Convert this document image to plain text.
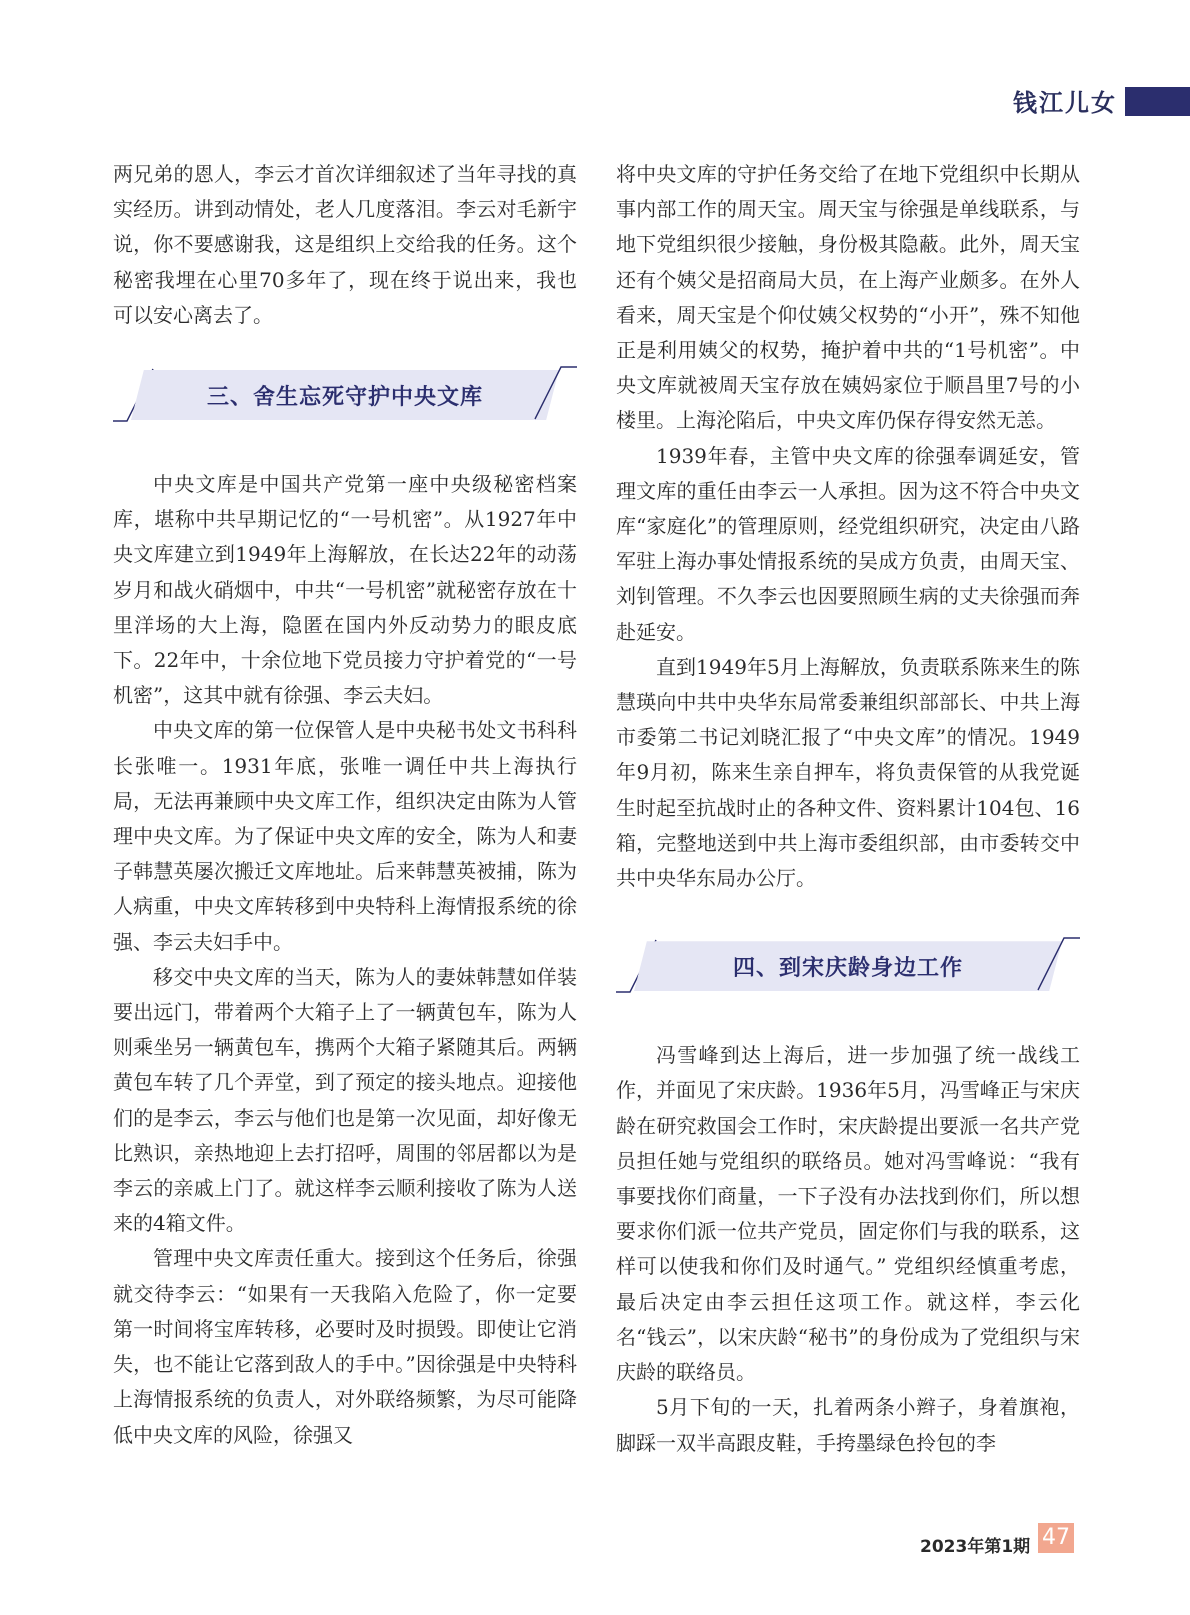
钱江儿女

两兄弟的恩人，李云才首次详细叙述了当年寻找的真实经历。讲到动情处，老人几度落泪。李云对毛新宇说，你不要感谢我，这是组织上交给我的任务。这个秘密我埋在心里70多年了，现在终于说出来，我也可以安心离去了。

三、舍生忘死守护中央文库

中央文库是中国共产党第一座中央级秘密档案库，堪称中共早期记忆的“一号机密”。从1927年中央文库建立到1949年上海解放，在长达22年的动荡岁月和战火硝烟中，中共“一号机密”就秘密存放在十里洋场的大上海，隐匿在国内外反动势力的眼皮底下。22年中，十余位地下党员接力守护着党的“一号机密”，这其中就有徐强、李云夫妇。

中央文库的第一位保管人是中央秘书处文书科科长张唯一。1931年底，张唯一调任中共上海执行局，无法再兼顾中央文库工作，组织决定由陈为人管理中央文库。为了保证中央文库的安全，陈为人和妻子韩慧英屡次搬迁文库地址。后来韩慧英被捕，陈为人病重，中央文库转移到中央特科上海情报系统的徐强、李云夫妇手中。

移交中央文库的当天，陈为人的妻妹韩慧如佯装要出远门，带着两个大箱子上了一辆黄包车，陈为人则乘坐另一辆黄包车，携两个大箱子紧随其后。两辆黄包车转了几个弄堂，到了预定的接头地点。迎接他们的是李云，李云与他们也是第一次见面，却好像无比熟识，亲热地迎上去打招呼，周围的邻居都以为是李云的亲戚上门了。就这样李云顺利接收了陈为人送来的4箱文件。

管理中央文库责任重大。接到这个任务后，徐强就交待李云：“如果有一天我陷入危险了，你一定要第一时间将宝库转移，必要时及时损毁。即使让它消失，也不能让它落到敌人的手中。”因徐强是中央特科上海情报系统的负责人，对外联络频繁，为尽可能降低中央文库的风险，徐强又

将中央文库的守护任务交给了在地下党组织中长期从事内部工作的周天宝。周天宝与徐强是单线联系，与地下党组织很少接触，身份极其隐蔽。此外，周天宝还有个姨父是招商局大员，在上海产业颇多。在外人看来，周天宝是个仰仗姨父权势的“小开”，殊不知他正是利用姨父的权势，掩护着中共的“1号机密”。中央文库就被周天宝存放在姨妈家位于顺昌里7号的小楼里。上海沦陷后，中央文库仍保存得安然无恙。

1939年春，主管中央文库的徐强奉调延安，管理文库的重任由李云一人承担。因为这不符合中央文库“家庭化”的管理原则，经党组织研究，决定由八路军驻上海办事处情报系统的吴成方负责，由周天宝、刘钊管理。不久李云也因要照顾生病的丈夫徐强而奔赴延安。

直到1949年5月上海解放，负责联系陈来生的陈慧瑛向中共中央华东局常委兼组织部部长、中共上海市委第二书记刘晓汇报了“中央文库”的情况。1949年9月初，陈来生亲自押车，将负责保管的从我党诞生时起至抗战时止的各种文件、资料累计104包、16箱，完整地送到中共上海市委组织部，由市委转交中共中央华东局办公厅。

四、到宋庆龄身边工作

冯雪峰到达上海后，进一步加强了统一战线工作，并面见了宋庆龄。1936年5月，冯雪峰正与宋庆龄在研究救国会工作时，宋庆龄提出要派一名共产党员担任她与党组织的联络员。她对冯雪峰说：“我有事要找你们商量，一下子没有办法找到你们，所以想要求你们派一位共产党员，固定你们与我的联系，这样可以使我和你们及时通气。” 党组织经慎重考虑，最后决定由李云担任这项工作。就这样，李云化名“钱云”，以宋庆龄“秘书”的身份成为了党组织与宋庆龄的联络员。

5月下旬的一天，扎着两条小辫子，身着旗袍，脚踩一双半高跟皮鞋，手挎墨绿色拎包的李

2023年第1期 47
